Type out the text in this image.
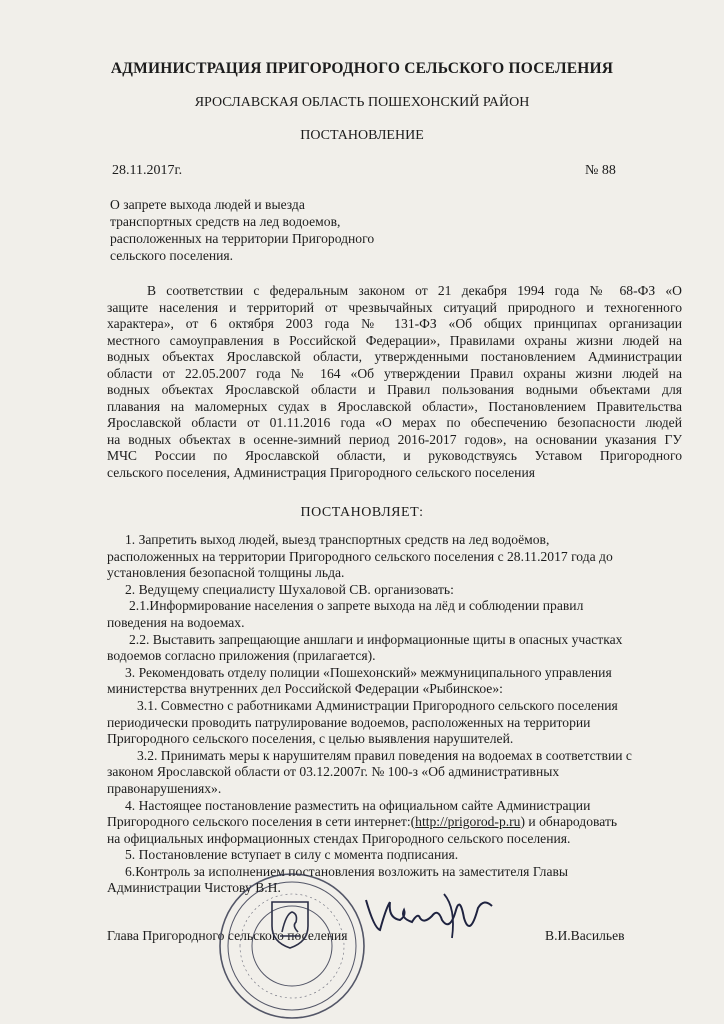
АДМИНИСТРАЦИЯ ПРИГОРОДНОГО СЕЛЬСКОГО ПОСЕЛЕНИЯ
ЯРОСЛАВСКАЯ ОБЛАСТЬ ПОШЕХОНСКИЙ РАЙОН
ПОСТАНОВЛЕНИЕ
28.11.2017г.	№ 88
О запрете выхода людей и выезда
транспортных средств на лед водоемов,
расположенных на территории Пригородного
сельского поселения.
В соответствии с федеральным законом от 21 декабря 1994 года № 68-ФЗ «О
защите населения и территорий от чрезвычайных ситуаций природного и техногенного
характера», от 6 октября 2003 года № 131-ФЗ «Об общих принципах организации
местного самоуправления в Российской Федерации», Правилами охраны жизни людей на
водных объектах Ярославской области, утвержденными постановлением Администрации
области от 22.05.2007 года № 164 «Об утверждении Правил охраны жизни людей на
водных объектах Ярославской области и Правил пользования водными объектами для
плавания на маломерных судах в Ярославской области», Постановлением Правительства
Ярославской области от 01.11.2016 года «О мерах по обеспечению безопасности людей
на водных объектах в осенне-зимний период 2016-2017 годов», на основании указания ГУ
МЧС России по Ярославской области, и руководствуясь Уставом Пригородного
сельского поселения, Администрация Пригородного сельского поселения
ПОСТАНОВЛЯЕТ:
1. Запретить выход людей, выезд транспортных средств на лед водоёмов,
расположенных на территории Пригородного сельского поселения с 28.11.2017 года до
установления безопасной толщины льда.
2. Ведущему специалисту Шухаловой СВ. организовать:
2.1.Информирование населения о запрете выхода на лёд и соблюдении правил
поведения на водоемах.
2.2. Выставить запрещающие аншлаги и информационные щиты в опасных участках
водоемов согласно приложения (прилагается).
3. Рекомендовать отделу полиции «Пошехонский» межмуниципального управления
министерства внутренних дел Российской Федерации «Рыбинское»:
3.1. Совместно с работниками Администрации Пригородного сельского поселения
периодически проводить патрулирование водоемов, расположенных на территории
Пригородного сельского поселения, с целью выявления нарушителей.
3.2. Принимать меры к нарушителям правил поведения на водоемах в соответствии с
законом Ярославской области от 03.12.2007г. № 100-з «Об административных
правонарушениях».
4. Настоящее постановление разместить на официальном сайте Администрации
Пригородного сельского поселения в сети интернет:(http://prigorod-p.ru) и обнародовать
на официальных информационных стендах Пригородного сельского поселения.
5. Постановление вступает в силу с момента подписания.
6.Контроль за исполнением постановления возложить на заместителя Главы
Администрации Чистову В.Н.
Глава Пригородного сельского поселения	В.И.Васильев
